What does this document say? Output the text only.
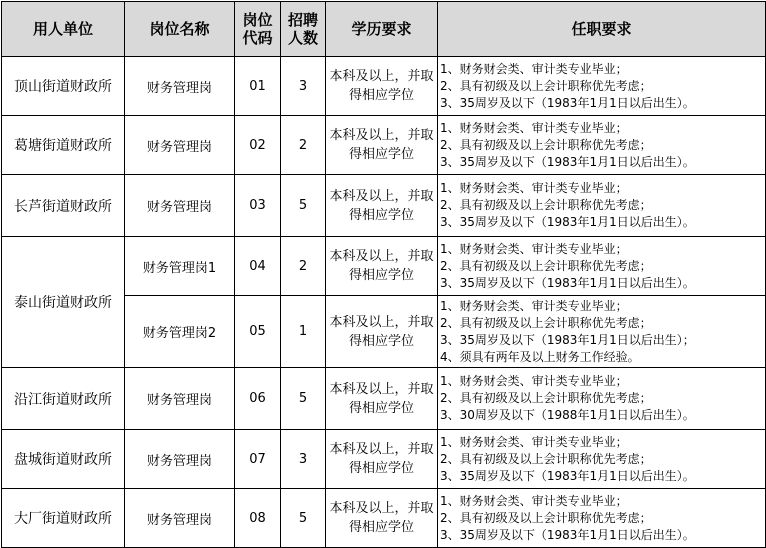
用人单位	岗位名称	岗位代码	招聘人数	学历要求	任职要求
顶山街道财政所	财务管理岗	01	3	本科及以上，并取得相应学位	1、财务财会类、审计类专业毕业；
2、具有初级及以上会计职称优先考虑；
3、35周岁及以下（1983年1月1日以后出生）。

葛塘街道财政所	财务管理岗	02	2	本科及以上，并取得相应学位	1、财务财会类、审计类专业毕业；
2、具有初级及以上会计职称优先考虑；
3、35周岁及以下（1983年1月1日以后出生）。

长芦街道财政所	财务管理岗	03	5	本科及以上，并取得相应学位	1、财务财会类、审计类专业毕业；
2、具有初级及以上会计职称优先考虑；
3、35周岁及以下（1983年1月1日以后出生）。

泰山街道财政所	财务管理岗1	04	2	本科及以上，并取得相应学位	1、财务财会类、审计类专业毕业；
2、具有初级及以上会计职称优先考虑；
3、35周岁及以下（1983年1月1日以后出生）。

	财务管理岗2	05	1	本科及以上，并取得相应学位	1、财务财会类、审计类专业毕业；
2、具有初级及以上会计职称优先考虑；
3、35周岁及以下（1983年1月1日以后出生）；
4、须具有两年及以上财务工作经验。

沿江街道财政所	财务管理岗	06	5	本科及以上，并取得相应学位	1、财务财会类、审计类专业毕业；
2、具有初级及以上会计职称优先考虑；
3、30周岁及以下（1988年1月1日以后出生）。

盘城街道财政所	财务管理岗	07	3	本科及以上，并取得相应学位	1、财务财会类、审计类专业毕业；
2、具有初级及以上会计职称优先考虑；
3、35周岁及以下（1983年1月1日以后出生）。

大厂街道财政所	财务管理岗	08	5	本科及以上，并取得相应学位	1、财务财会类、审计类专业毕业；
2、具有初级及以上会计职称优先考虑；
3、35周岁及以下（1983年1月1日以后出生）。
